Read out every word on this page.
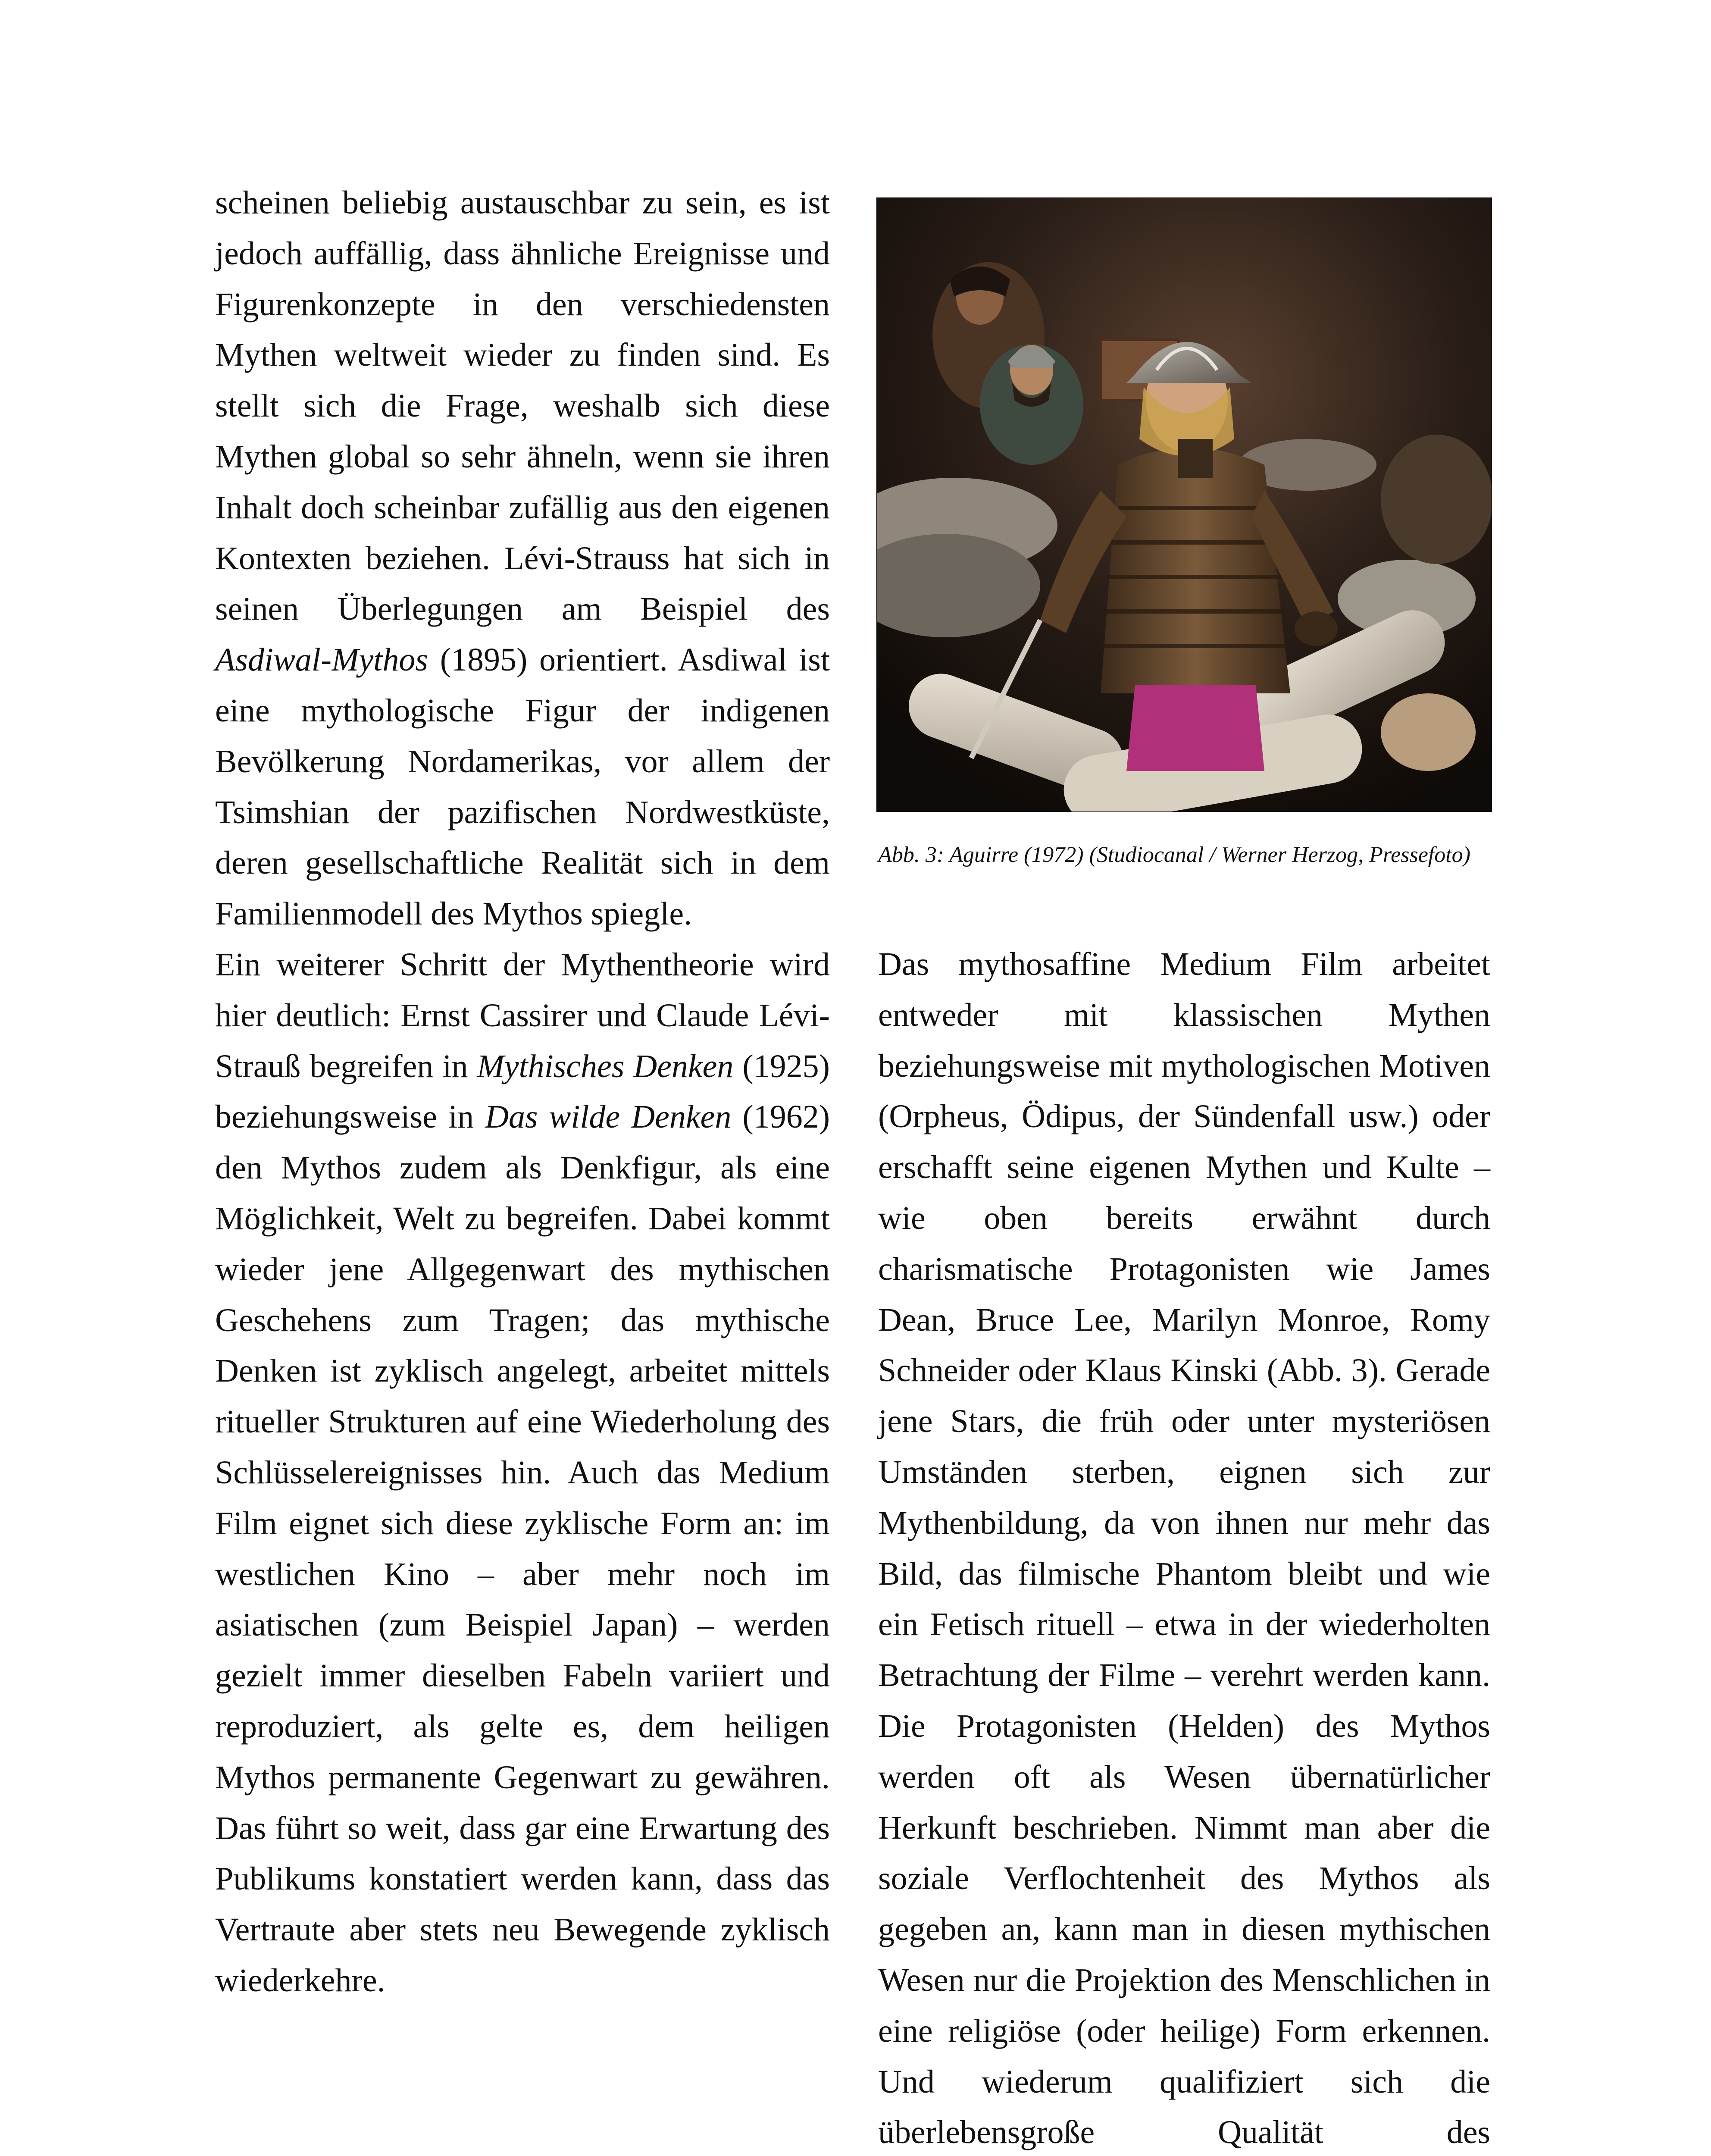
scheinen beliebig austauschbar zu sein, es ist jedoch auffällig, dass ähnliche Ereignisse und Figurenkonzepte in den verschiedensten Mythen weltweit wieder zu finden sind. Es stellt sich die Frage, weshalb sich diese Mythen global so sehr ähneln, wenn sie ihren Inhalt doch scheinbar zufällig aus den eigenen Kontexten beziehen. Lévi-Strauss hat sich in seinen Überlegungen am Beispiel des Asdiwal-Mythos (1895) orientiert. Asdiwal ist eine mythologische Figur der indigenen Bevölkerung Nordamerikas, vor allem der Tsimshian der pazifischen Nordwestküste, deren gesellschaftliche Realität sich in dem Familienmodell des Mythos spiegle.

Ein weiterer Schritt der Mythentheorie wird hier deutlich: Ernst Cassirer und Claude Lévi-Strauß begreifen in Mythisches Denken (1925) beziehungsweise in Das wilde Denken (1962) den Mythos zudem als Denkfigur, als eine Möglichkeit, Welt zu begreifen. Dabei kommt wieder jene Allgegenwart des mythischen Geschehens zum Tragen; das mythische Denken ist zyklisch angelegt, arbeitet mittels ritueller Strukturen auf eine Wiederholung des Schlüsselereignisses hin. Auch das Medium Film eignet sich diese zyklische Form an: im westlichen Kino – aber mehr noch im asiatischen (zum Beispiel Japan) – werden gezielt immer dieselben Fabeln variiert und reproduziert, als gelte es, dem heiligen Mythos permanente Gegenwart zu gewähren. Das führt so weit, dass gar eine Erwartung des Publikums konstatiert werden kann, dass das Vertraute aber stets neu Bewegende zyklisch wiederkehre.

Abb. 3: Aguirre (1972) (Studiocanal / Werner Herzog, Pressefoto)

Das mythosaffine Medium Film arbeitet entweder mit klassischen Mythen beziehungsweise mit mythologischen Motiven (Orpheus, Ödipus, der Sündenfall usw.) oder erschafft seine eigenen Mythen und Kulte – wie oben bereits erwähnt durch charismatische Protagonisten wie James Dean, Bruce Lee, Marilyn Monroe, Romy Schneider oder Klaus Kinski (Abb. 3). Gerade jene Stars, die früh oder unter mysteriösen Umständen sterben, eignen sich zur Mythenbildung, da von ihnen nur mehr das Bild, das filmische Phantom bleibt und wie ein Fetisch rituell – etwa in der wiederholten Betrachtung der Filme – verehrt werden kann. Die Protagonisten (Helden) des Mythos werden oft als Wesen übernatürlicher Herkunft beschrieben. Nimmt man aber die soziale Verflochtenheit des Mythos als gegeben an, kann man in diesen mythischen Wesen nur die Projektion des Menschlichen in eine religiöse (oder heilige) Form erkennen. Und wiederum qualifiziert sich die überlebensgroße Qualität des
